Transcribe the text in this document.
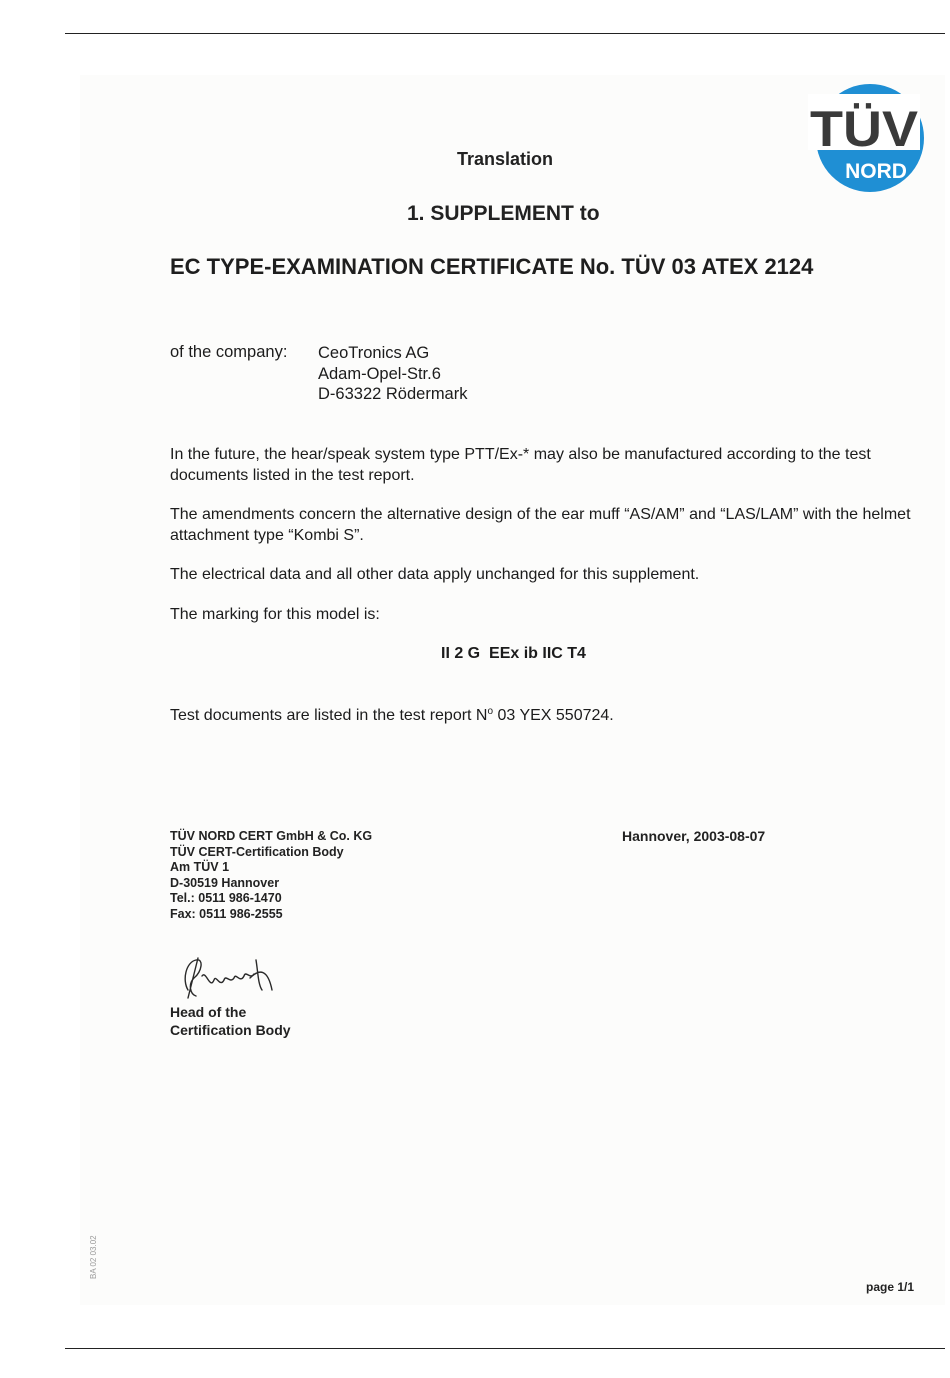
TÜV
NORD
Translation
1. SUPPLEMENT to
EC TYPE-EXAMINATION CERTIFICATE No. TÜV 03 ATEX 2124
of the company: CeoTronics AG
Adam-Opel-Str.6
D-63322 Rödermark
In the future, the hear/speak system type PTT/Ex-* may also be manufactured according to the test documents listed in the test report.
The amendments concern the alternative design of the ear muff “AS/AM” and “LAS/LAM” with the helmet attachment type “Kombi S”.
The electrical data and all other data apply unchanged for this supplement.
The marking for this model is:
II 2 G  EEx ib IIC T4
Test documents are listed in the test report $N^o$ 03 YEX 550724.
TÜV NORD CERT GmbH & Co. KG
TÜV CERT-Certification Body
Am TÜV 1
D-30519 Hannover
Tel.: 0511 986-1470
Fax: 0511 986-2555
Hannover, 2003-08-07
Head of the
Certification Body
BA 02 03.02
page 1/1
